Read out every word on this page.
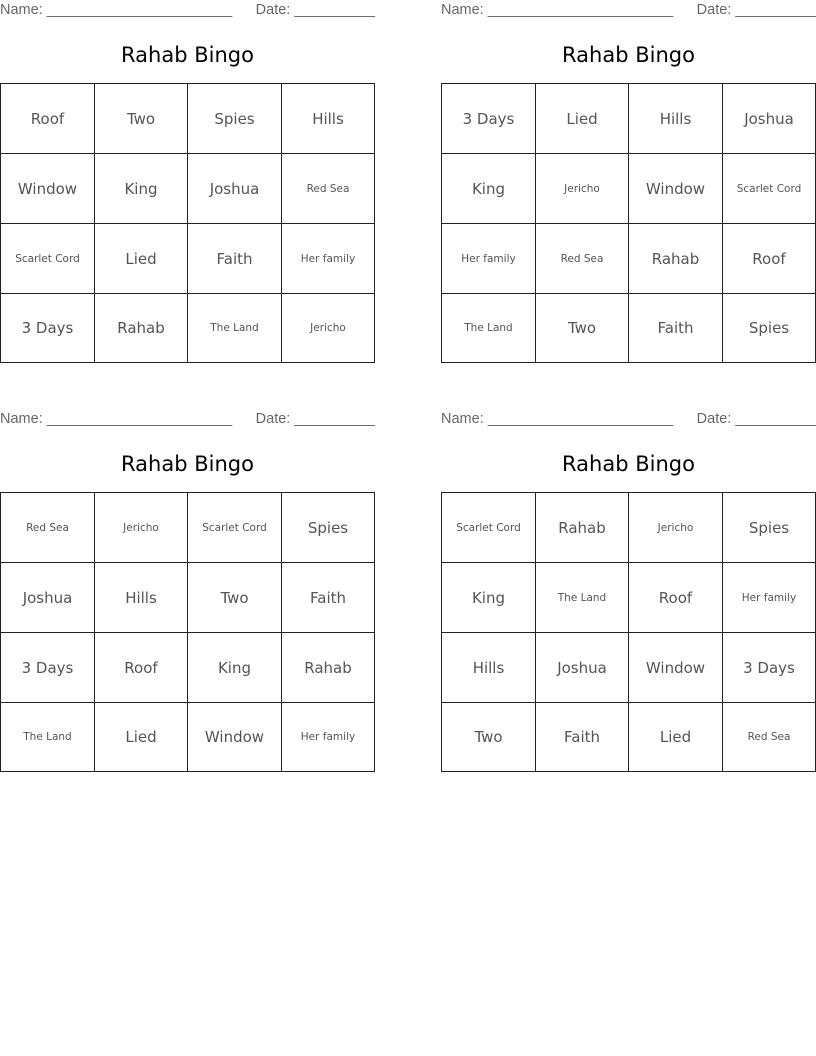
Name: _______________________ Date: __________
Rahab Bingo
Roof	Two	Spies	Hills
Window	King	Joshua	Red Sea
Scarlet Cord	Lied	Faith	Her family
3 Days	Rahab	The Land	Jericho
Name: _______________________ Date: __________
Rahab Bingo
3 Days	Lied	Hills	Joshua
King	Jericho	Window	Scarlet Cord
Her family	Red Sea	Rahab	Roof
The Land	Two	Faith	Spies
Name: _______________________ Date: __________
Rahab Bingo
Red Sea	Jericho	Scarlet Cord	Spies
Joshua	Hills	Two	Faith
3 Days	Roof	King	Rahab
The Land	Lied	Window	Her family
Name: _______________________ Date: __________
Rahab Bingo
Scarlet Cord	Rahab	Jericho	Spies
King	The Land	Roof	Her family
Hills	Joshua	Window	3 Days
Two	Faith	Lied	Red Sea
